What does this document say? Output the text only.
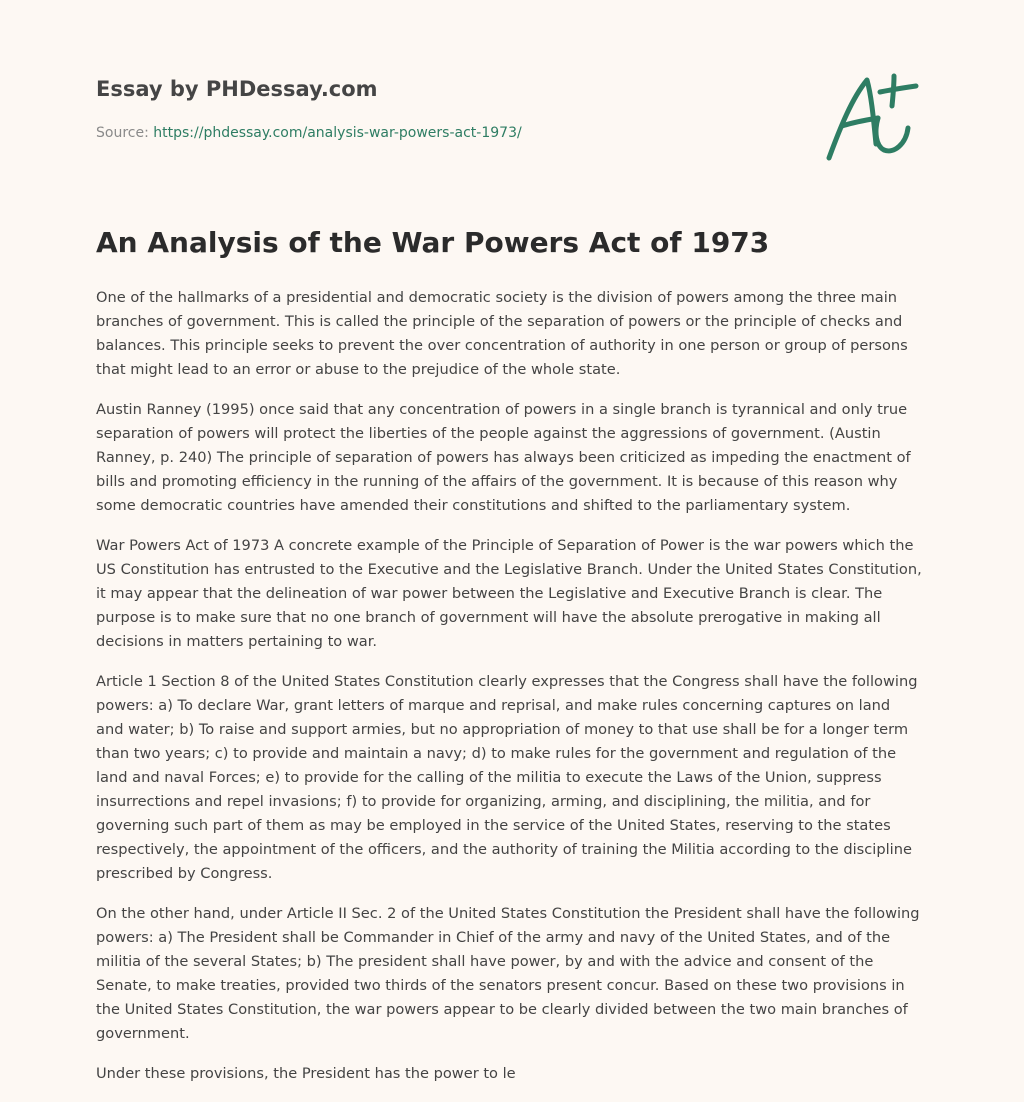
Essay by PHDessay.com
Source: https://phdessay.com/analysis-war-powers-act-1973/
An Analysis of the War Powers Act of 1973

One of the hallmarks of a presidential and democratic society is the division of powers among the three main branches of government. This is called the principle of the separation of powers or the principle of checks and balances. This principle seeks to prevent the over concentration of authority in one person or group of persons that might lead to an error or abuse to the prejudice of the whole state.

Austin Ranney (1995) once said that any concentration of powers in a single branch is tyrannical and only true separation of powers will protect the liberties of the people against the aggressions of government. (Austin Ranney, p. 240) The principle of separation of powers has always been criticized as impeding the enactment of bills and promoting efficiency in the running of the affairs of the government. It is because of this reason why some democratic countries have amended their constitutions and shifted to the parliamentary system.

War Powers Act of 1973 A concrete example of the Principle of Separation of Power is the war powers which the US Constitution has entrusted to the Executive and the Legislative Branch. Under the United States Constitution, it may appear that the delineation of war power between the Legislative and Executive Branch is clear. The purpose is to make sure that no one branch of government will have the absolute prerogative in making all decisions in matters pertaining to war.

Article 1 Section 8 of the United States Constitution clearly expresses that the Congress shall have the following powers: a) To declare War, grant letters of marque and reprisal, and make rules concerning captures on land and water; b) To raise and support armies, but no appropriation of money to that use shall be for a longer term than two years; c) to provide and maintain a navy; d) to make rules for the government and regulation of the land and naval Forces; e) to provide for the calling of the militia to execute the Laws of the Union, suppress insurrections and repel invasions; f) to provide for organizing, arming, and disciplining, the militia, and for governing such part of them as may be employed in the service of the United States, reserving to the states respectively, the appointment of the officers, and the authority of training the Militia according to the discipline prescribed by Congress.

On the other hand, under Article II Sec. 2 of the United States Constitution the President shall have the following powers: a) The President shall be Commander in Chief of the army and navy of the United States, and of the militia of the several States; b) The president shall have power, by and with the advice and consent of the Senate, to make treaties, provided two thirds of the senators present concur. Based on these two provisions in the United States Constitution, the war powers appear to be clearly divided between the two main branches of government.

Under these provisions, the President has the power to le
